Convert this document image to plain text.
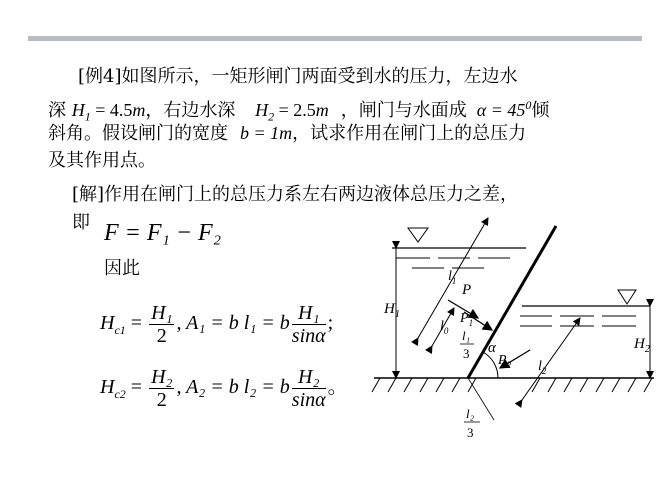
[例4]如图所示，一矩形闸门两面受到水的压力，左边水
深 $H_1 = 4.5m$，右边水深 $H_2 = 2.5m$ ，闸门与水面成 $\alpha = 45^0$倾
斜角。假设闸门的宽度 b = 1m，试求作用在闸门上的总压力
及其作用点。
[解]作用在闸门上的总压力系左右两边液体总压力之差，
即 F = F₁ − F₂
因此
$H_{c1} = \frac{\text{H₁}}{2}$ , A₁ = b l₁ = b $\frac{\text{H₁}}{\sin\alpha}$ ;
$H_{c2} = \frac{\text{H₂}}{2}$ , A₂ = b l₂ = b $\frac{\text{H₂}}{\sin\alpha}$ 。
$H_1$
$H_2$
$l_1$
P
$P_1$
$l_0$ l₁
3 α
$P_2$ $l_2$
l₂
3
